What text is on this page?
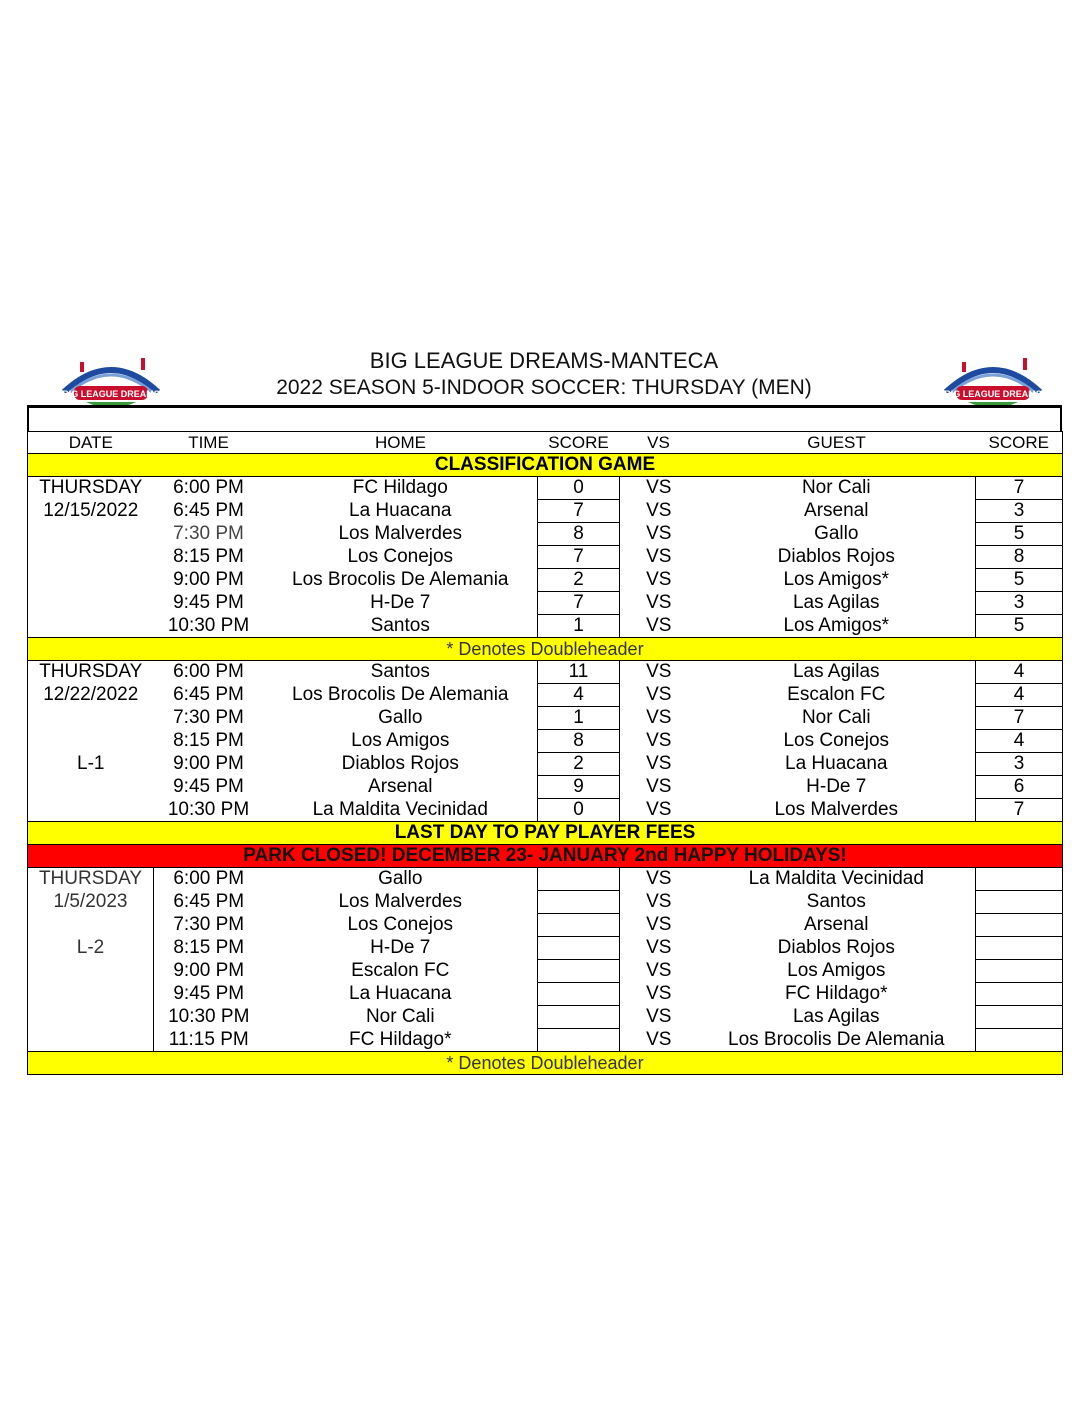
BIG LEAGUE DREAMS	BIG LEAGUE DREAMS
BIG LEAGUE DREAMS-MANTECA
2022 SEASON 5-INDOOR SOCCER: THURSDAY (MEN)
DATE	TIME	HOME	SCORE	VS	GUEST	SCORE
CLASSIFICATION GAME						
THURSDAY	6:00 PM	FC Hildago	0	VS	Nor Cali	7
12/15/2022	6:45 PM	La Huacana	7	VS	Arsenal	3
	7:30 PM	Los Malverdes	8	VS	Gallo	5
	8:15 PM	Los Conejos	7	VS	Diablos Rojos	8
	9:00 PM	Los Brocolis De Alemania	2	VS	Los Amigos*	5
	9:45 PM	H-De 7	7	VS	Las Agilas	3
	10:30 PM	Santos	1	VS	Los Amigos*	5
* Denotes Doubleheader						
THURSDAY	6:00 PM	Santos	11	VS	Las Agilas	4
12/22/2022	6:45 PM	Los Brocolis De Alemania	4	VS	Escalon FC	4
	7:30 PM	Gallo	1	VS	Nor Cali	7
	8:15 PM	Los Amigos	8	VS	Los Conejos	4
L-1	9:00 PM	Diablos Rojos	2	VS	La Huacana	3
	9:45 PM	Arsenal	9	VS	H-De 7	6
	10:30 PM	La Maldita Vecinidad	0	VS	Los Malverdes	7
LAST DAY TO PAY PLAYER FEES						
PARK CLOSED! DECEMBER 23- JANUARY 2nd HAPPY HOLIDAYS!						
THURSDAY	6:00 PM	Gallo		VS	La Maldita Vecinidad	
1/5/2023	6:45 PM	Los Malverdes		VS	Santos	
	7:30 PM	Los Conejos		VS	Arsenal	
L-2	8:15 PM	H-De 7		VS	Diablos Rojos	
	9:00 PM	Escalon FC		VS	Los Amigos	
	9:45 PM	La Huacana		VS	FC Hildago*	
	10:30 PM	Nor Cali		VS	Las Agilas	
	11:15 PM	FC Hildago*		VS	Los Brocolis De Alemania	
* Denotes Doubleheader						
